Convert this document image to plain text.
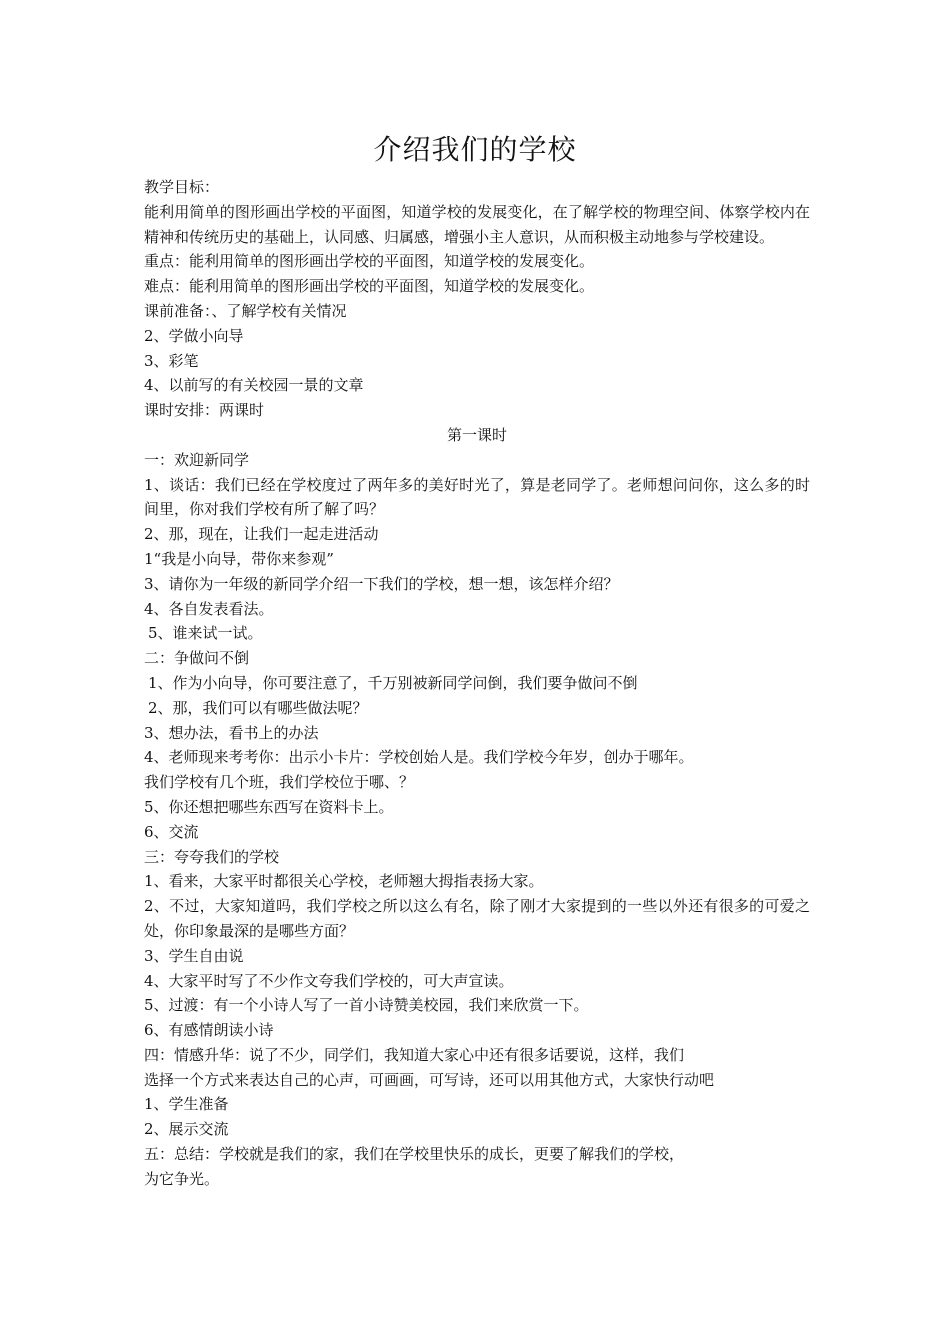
介绍我们的学校
教学目标：
能利用简单的图形画出学校的平面图，知道学校的发展变化，在了解学校的物理空间、体察学校内在精神和传统历史的基础上，认同感、归属感，增强小主人意识，从而积极主动地参与学校建设。
重点：能利用简单的图形画出学校的平面图，知道学校的发展变化。
难点：能利用简单的图形画出学校的平面图，知道学校的发展变化。
课前准备：、了解学校有关情况
2、学做小向导
3、彩笔
4、以前写的有关校园一景的文章
课时安排：两课时
第一课时
一：欢迎新同学
1、谈话：我们已经在学校度过了两年多的美好时光了，算是老同学了。老师想问问你，这么多的时间里，你对我们学校有所了解了吗？
2、那，现在，让我们一起走进活动
1“我是小向导，带你来参观”
3、请你为一年级的新同学介绍一下我们的学校，想一想，该怎样介绍？
4、各自发表看法。
5、谁来试一试。
二：争做问不倒
1、作为小向导，你可要注意了，千万别被新同学问倒，我们要争做问不倒
2、那，我们可以有哪些做法呢？
3、想办法，看书上的办法
4、老师现来考考你：出示小卡片：学校创始人是。我们学校今年岁，创办于哪年。
我们学校有几个班，我们学校位于哪、？
5、你还想把哪些东西写在资料卡上。
6、交流
三：夸夸我们的学校
1、看来，大家平时都很关心学校，老师翘大拇指表扬大家。
2、不过，大家知道吗，我们学校之所以这么有名，除了刚才大家提到的一些以外还有很多的可爱之处，你印象最深的是哪些方面？
3、学生自由说
4、大家平时写了不少作文夸我们学校的，可大声宣读。
5、过渡：有一个小诗人写了一首小诗赞美校园，我们来欣赏一下。
6、有感情朗读小诗
四：情感升华：说了不少，同学们，我知道大家心中还有很多话要说，这样，我们
选择一个方式来表达自己的心声，可画画，可写诗，还可以用其他方式，大家快行动吧
1、学生准备
2、展示交流
五：总结：学校就是我们的家，我们在学校里快乐的成长，更要了解我们的学校，
为它争光。
